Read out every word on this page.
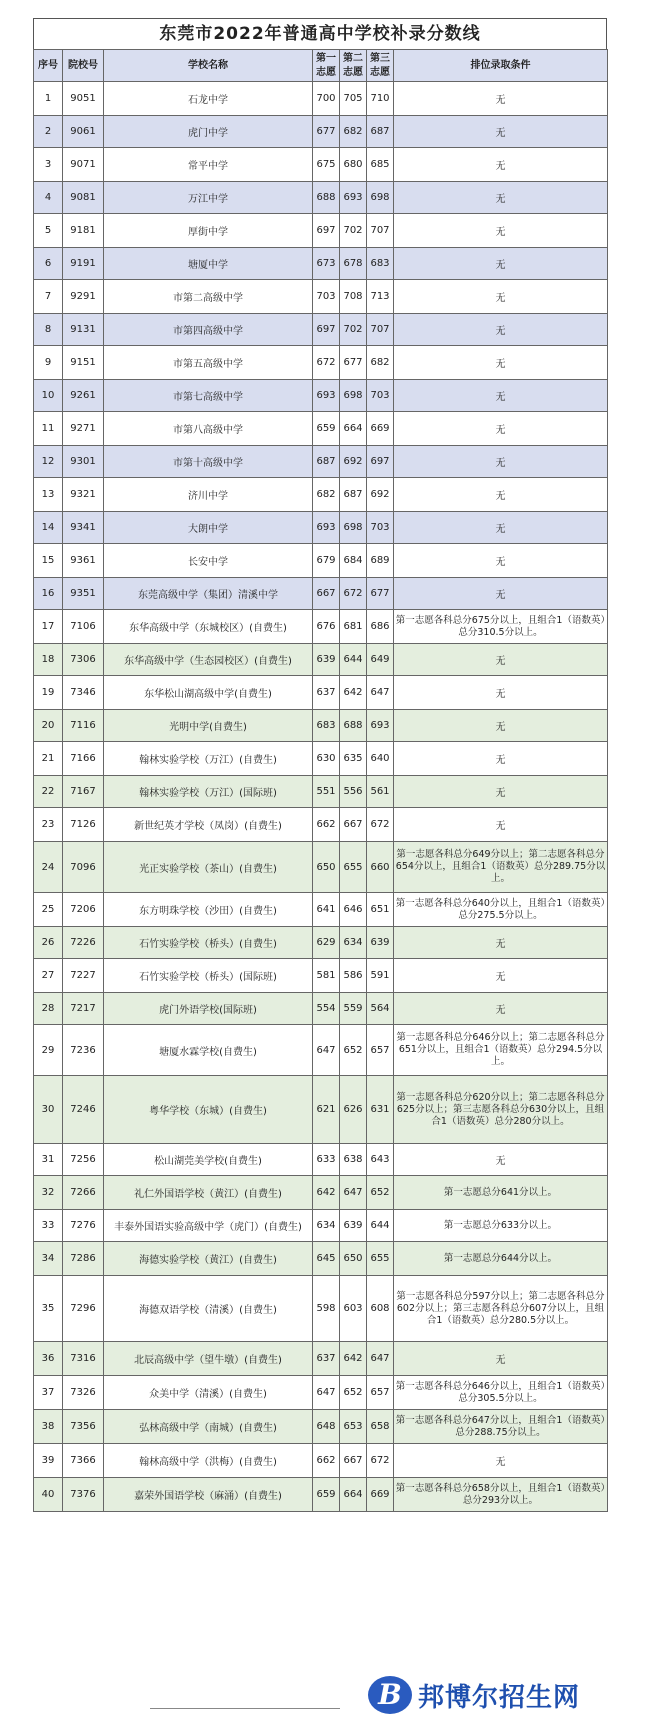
东莞市2022年普通高中学校补录分数线
序号	院校号	学校名称	第一志愿	第二志愿	第三志愿	排位录取条件
1	9051	石龙中学	700	705	710	无
2	9061	虎门中学	677	682	687	无
3	9071	常平中学	675	680	685	无
4	9081	万江中学	688	693	698	无
5	9181	厚街中学	697	702	707	无
6	9191	塘厦中学	673	678	683	无
7	9291	市第二高级中学	703	708	713	无
8	9131	市第四高级中学	697	702	707	无
9	9151	市第五高级中学	672	677	682	无
10	9261	市第七高级中学	693	698	703	无
11	9271	市第八高级中学	659	664	669	无
12	9301	市第十高级中学	687	692	697	无
13	9321	济川中学	682	687	692	无
14	9341	大朗中学	693	698	703	无
15	9361	长安中学	679	684	689	无
16	9351	东莞高级中学（集团）清溪中学	667	672	677	无
17	7106	东华高级中学（东城校区）(自费生)	676	681	686	第一志愿各科总分675分以上，且组合1（语数英）总分310.5分以上。
18	7306	东华高级中学（生态园校区）(自费生)	639	644	649	无
19	7346	东华松山湖高级中学(自费生)	637	642	647	无
20	7116	光明中学(自费生)	683	688	693	无
21	7166	翰林实验学校（万江）(自费生)	630	635	640	无
22	7167	翰林实验学校（万江）(国际班)	551	556	561	无
23	7126	新世纪英才学校（凤岗）(自费生)	662	667	672	无
24	7096	光正实验学校（茶山）(自费生)	650	655	660	第一志愿各科总分649分以上；第二志愿各科总分654分以上，且组合1（语数英）总分289.75分以上。
25	7206	东方明珠学校（沙田）(自费生)	641	646	651	第一志愿各科总分640分以上，且组合1（语数英）总分275.5分以上。
26	7226	石竹实验学校（桥头）(自费生)	629	634	639	无
27	7227	石竹实验学校（桥头）(国际班)	581	586	591	无
28	7217	虎门外语学校(国际班)	554	559	564	无
29	7236	塘厦水霖学校(自费生)	647	652	657	第一志愿各科总分646分以上；第二志愿各科总分651分以上，且组合1（语数英）总分294.5分以上。
30	7246	粤华学校（东城）(自费生)	621	626	631	第一志愿各科总分620分以上；第二志愿各科总分625分以上；第三志愿各科总分630分以上，且组合1（语数英）总分280分以上。
31	7256	松山湖莞美学校(自费生)	633	638	643	无
32	7266	礼仁外国语学校（黄江）(自费生)	642	647	652	第一志愿总分641分以上。
33	7276	丰泰外国语实验高级中学（虎门）(自费生)	634	639	644	第一志愿总分633分以上。
34	7286	海德实验学校（黄江）(自费生)	645	650	655	第一志愿总分644分以上。
35	7296	海德双语学校（清溪）(自费生)	598	603	608	第一志愿各科总分597分以上；第二志愿各科总分602分以上；第三志愿各科总分607分以上，且组合1（语数英）总分280.5分以上。
36	7316	北辰高级中学（望牛墩）(自费生)	637	642	647	无
37	7326	众美中学（清溪）(自费生)	647	652	657	第一志愿各科总分646分以上，且组合1（语数英）总分305.5分以上。
38	7356	弘林高级中学（南城）(自费生)	648	653	658	第一志愿各科总分647分以上，且组合1（语数英）总分288.75分以上。
39	7366	翰林高级中学（洪梅）(自费生)	662	667	672	无
40	7376	嘉荣外国语学校（麻涌）(自费生)	659	664	669	第一志愿各科总分658分以上，且组合1（语数英）总分293分以上。
B 邦博尔招生网
